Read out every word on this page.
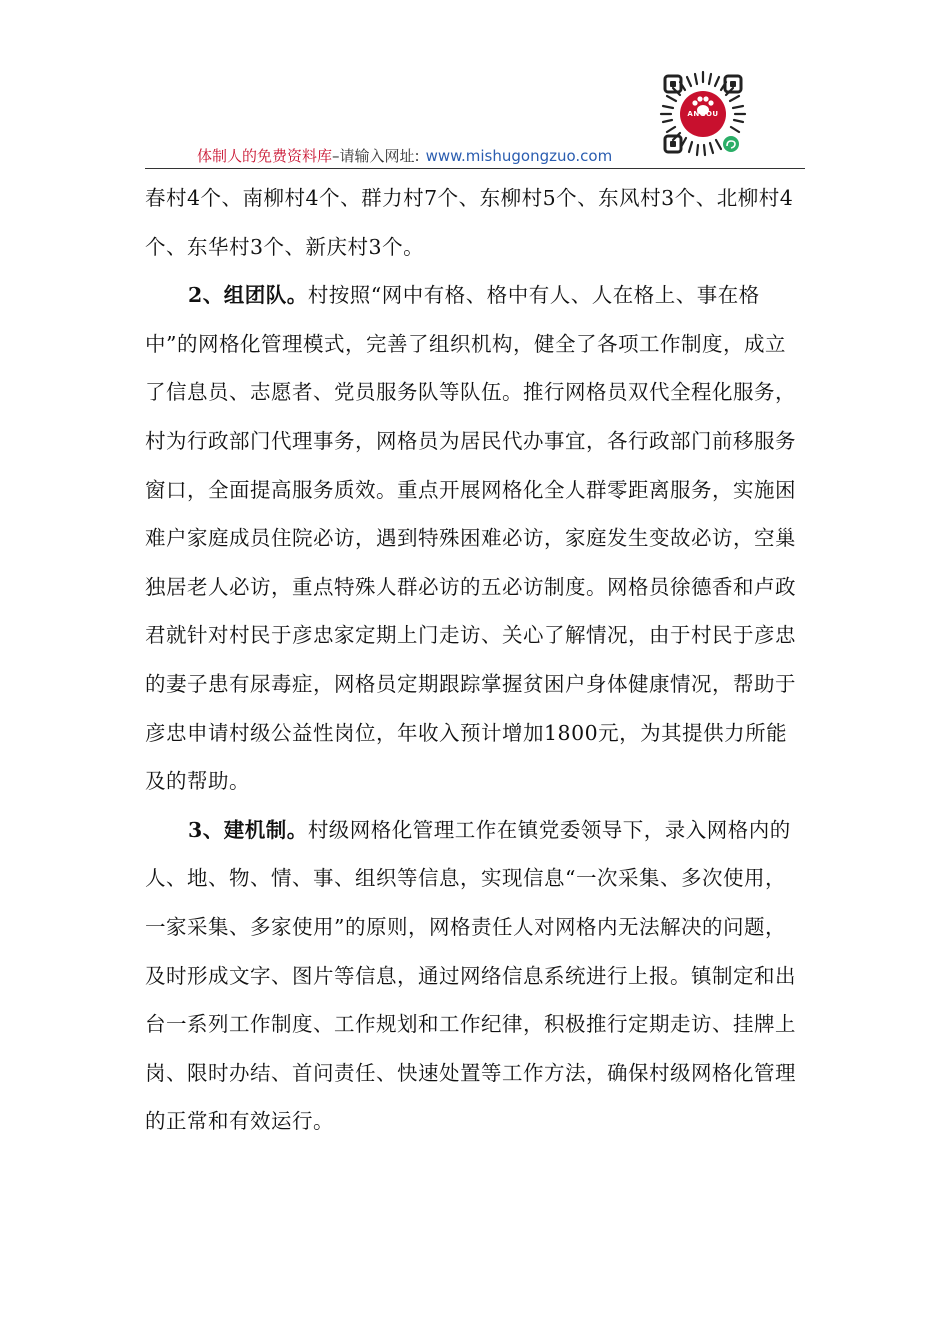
体制人的免费资料库–请输入网址: www.mishugongzuo.com
ANGOU

春村4个、南柳村4个、群力村7个、东柳村5个、东风村3个、北柳村4个、东华村3个、新庆村3个。

2、组团队。村按照“网中有格、格中有人、人在格上、事在格中”的网格化管理模式，完善了组织机构，健全了各项工作制度，成立了信息员、志愿者、党员服务队等队伍。推行网格员双代全程化服务，村为行政部门代理事务，网格员为居民代办事宜，各行政部门前移服务窗口，全面提高服务质效。重点开展网格化全人群零距离服务，实施困难户家庭成员住院必访，遇到特殊困难必访，家庭发生变故必访，空巢独居老人必访，重点特殊人群必访的五必访制度。网格员徐德香和卢政君就针对村民于彦忠家定期上门走访、关心了解情况，由于村民于彦忠的妻子患有尿毒症，网格员定期跟踪掌握贫困户身体健康情况，帮助于彦忠申请村级公益性岗位，年收入预计增加1800元，为其提供力所能及的帮助。

3、建机制。村级网格化管理工作在镇党委领导下，录入网格内的人、地、物、情、事、组织等信息，实现信息“一次采集、多次使用，一家采集、多家使用”的原则，网格责任人对网格内无法解决的问题，及时形成文字、图片等信息，通过网络信息系统进行上报。镇制定和出台一系列工作制度、工作规划和工作纪律，积极推行定期走访、挂牌上岗、限时办结、首问责任、快速处置等工作方法，确保村级网格化管理的正常和有效运行。
